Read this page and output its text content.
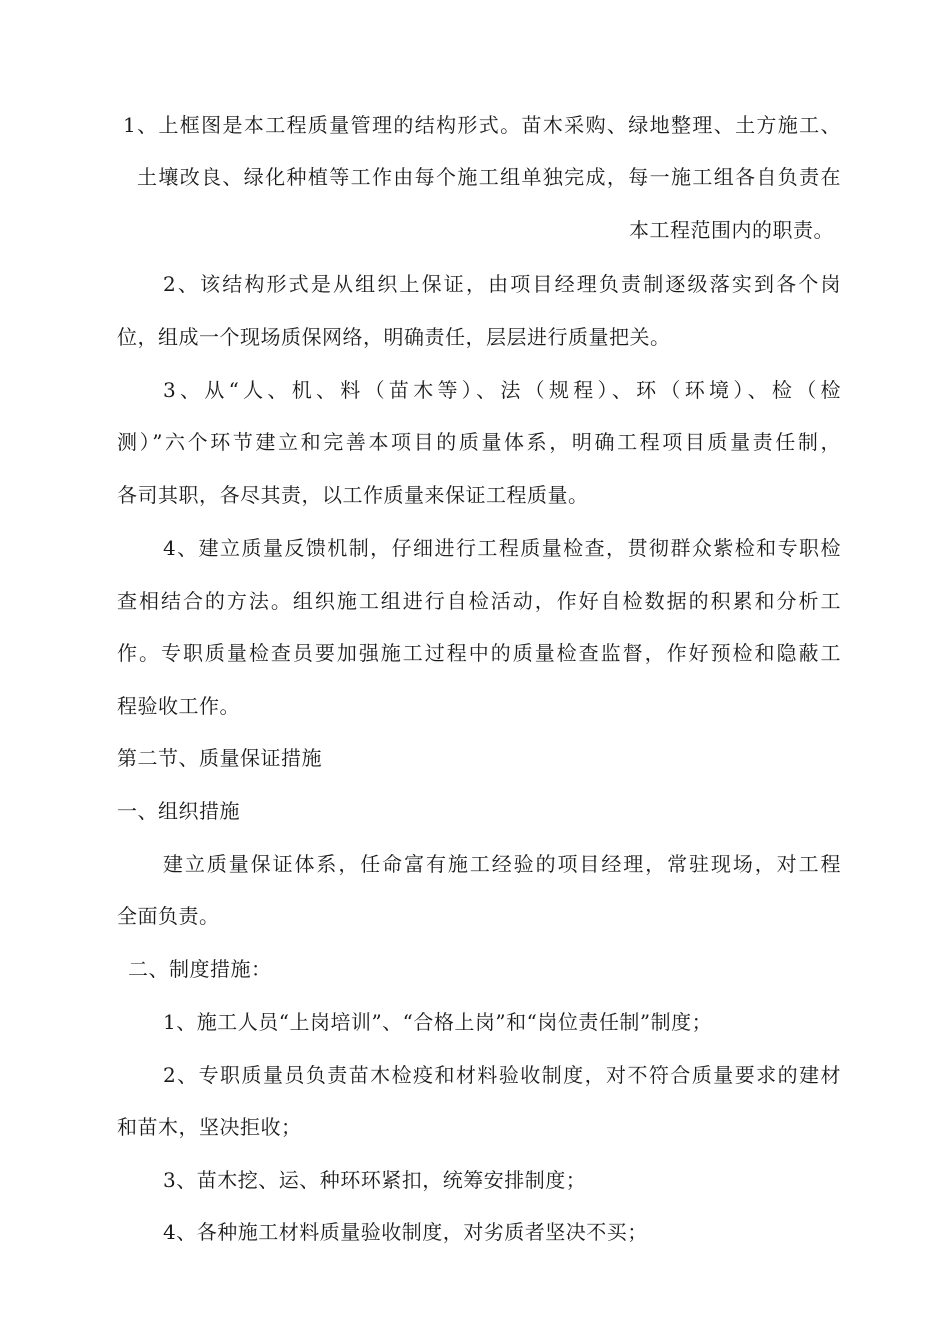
1、上框图是本工程质量管理的结构形式。苗木采购、绿地整理、土方施工、
土壤改良、绿化种植等工作由每个施工组单独完成，每一施工组各自负责在
本工程范围内的职责。
2、该结构形式是从组织上保证，由项目经理负责制逐级落实到各个岗
位，组成一个现场质保网络，明确责任，层层进行质量把关。
3、从“人、机、料（苗木等）、法（规程）、环（环境）、检（检
测）”六个环节建立和完善本项目的质量体系，明确工程项目质量责任制，
各司其职，各尽其责，以工作质量来保证工程质量。
4、建立质量反馈机制，仔细进行工程质量检查，贯彻群众紫检和专职检
查相结合的方法。组织施工组进行自检活动，作好自检数据的积累和分析工
作。专职质量检查员要加强施工过程中的质量检查监督，作好预检和隐蔽工
程验收工作。
第二节、质量保证措施
一、组织措施
建立质量保证体系，任命富有施工经验的项目经理，常驻现场，对工程
全面负责。
二、制度措施：
1、施工人员“上岗培训”、“合格上岗”和“岗位责任制”制度；
2、专职质量员负责苗木检疫和材料验收制度，对不符合质量要求的建材
和苗木，坚决拒收；
3、苗木挖、运、种环环紧扣，统筹安排制度；
4、各种施工材料质量验收制度，对劣质者坚决不买；
